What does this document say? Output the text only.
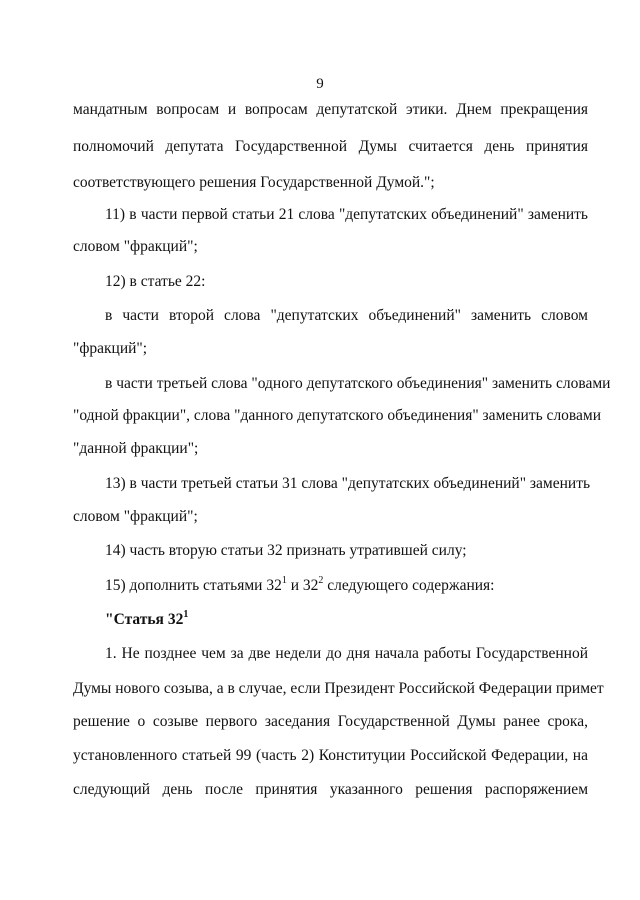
9
мандатным вопросам и вопросам депутатской этики. Днем прекращения
полномочий депутата Государственной Думы считается день принятия
соответствующего решения Государственной Думой.";
11) в части первой статьи 21 слова "депутатских объединений" заменить
словом "фракций";
12) в статье 22:
в части второй слова "депутатских объединений" заменить словом
"фракций";
в части третьей слова "одного депутатского объединения" заменить словами
"одной фракции", слова "данного депутатского объединения" заменить словами
"данной фракции";
13) в части третьей статьи 31 слова "депутатских объединений" заменить
словом "фракций";
14) часть вторую статьи 32 признать утратившей силу;
15) дополнить статьями $32^1$ и $32^2$ следующего содержания:
"Статья $32^1$
1. Не позднее чем за две недели до дня начала работы Государственной
Думы нового созыва, а в случае, если Президент Российской Федерации примет
решение о созыве первого заседания Государственной Думы ранее срока,
установленного статьей 99 (часть 2) Конституции Российской Федерации, на
следующий день после принятия указанного решения распоряжением
